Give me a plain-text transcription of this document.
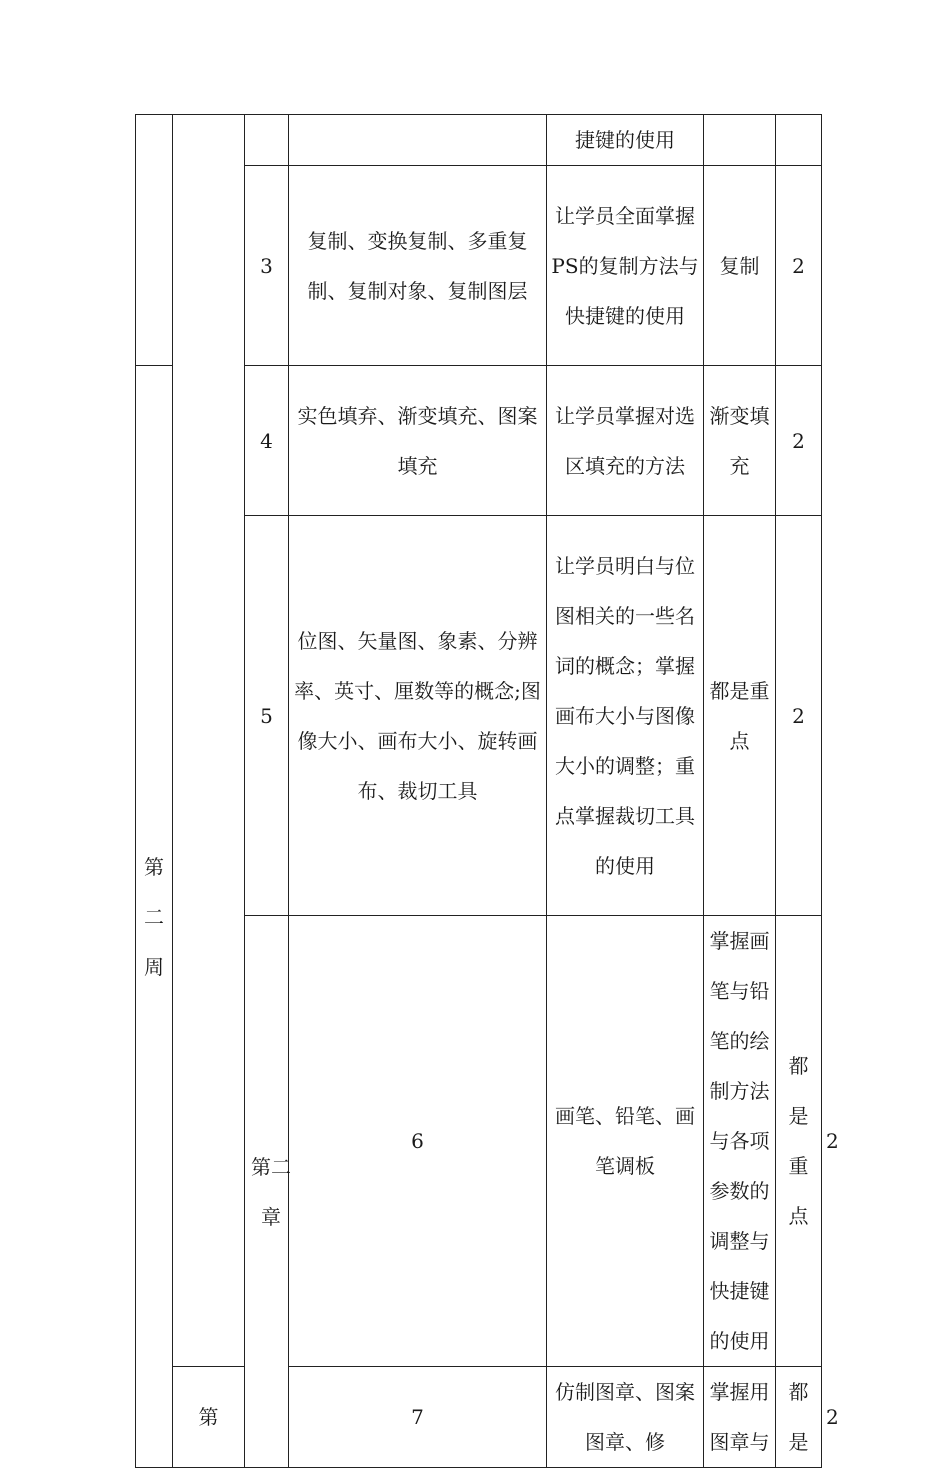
				捷键的使用			
		3	复制、变换复制、多重复制、复制对象、复制图层	让学员全面掌握PS的复制方法与快捷键的使用	复制	2	

第二周		4	实色填弃、渐变填充、图案填充	让学员掌握对选区填充的方法	渐变填充	2	
		5	位图、矢量图、象素、分辨率、英寸、厘数等的概念;图像大小、画布大小、旋转画布、裁切工具	让学员明白与位图相关的一些名词的概念；掌握画布大小与图像大小的调整；重点掌握裁切工具的使用	都是重点	2	

		第二章	6	画笔、铅笔、画笔调板	掌握画笔与铅笔的绘制方法与各项参数的调整与快捷键的使用	都是重点	2
	第		7	仿制图章、图案图章、修	掌握用图章与	都 是	2
